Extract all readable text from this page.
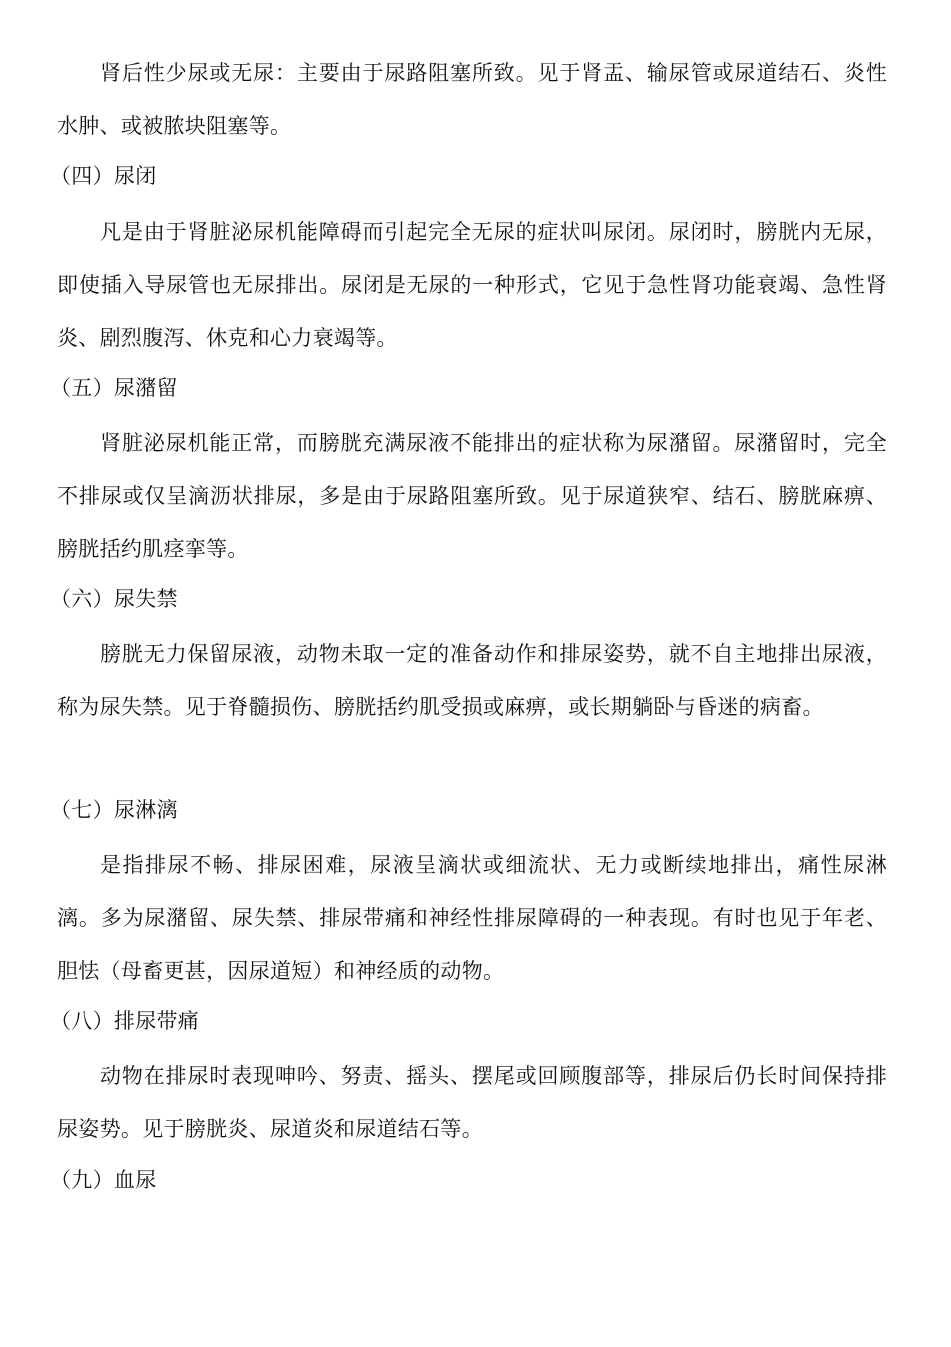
肾后性少尿或无尿：主要由于尿路阻塞所致。见于肾盂、输尿管或尿道结石、炎性水肿、或被脓块阻塞等。

（四）尿闭

凡是由于肾脏泌尿机能障碍而引起完全无尿的症状叫尿闭。尿闭时，膀胱内无尿，即使插入导尿管也无尿排出。尿闭是无尿的一种形式，它见于急性肾功能衰竭、急性肾炎、剧烈腹泻、休克和心力衰竭等。

（五）尿潴留

肾脏泌尿机能正常，而膀胱充满尿液不能排出的症状称为尿潴留。尿潴留时，完全不排尿或仅呈滴沥状排尿，多是由于尿路阻塞所致。见于尿道狭窄、结石、膀胱麻痹、膀胱括约肌痉挛等。

（六）尿失禁

膀胱无力保留尿液，动物未取一定的准备动作和排尿姿势，就不自主地排出尿液，称为尿失禁。见于脊髓损伤、膀胱括约肌受损或麻痹，或长期躺卧与昏迷的病畜。

（七）尿淋漓

是指排尿不畅、排尿困难，尿液呈滴状或细流状、无力或断续地排出，痛性尿淋漓。多为尿潴留、尿失禁、排尿带痛和神经性排尿障碍的一种表现。有时也见于年老、胆怯（母畜更甚，因尿道短）和神经质的动物。

（八）排尿带痛

动物在排尿时表现呻吟、努责、摇头、摆尾或回顾腹部等，排尿后仍长时间保持排尿姿势。见于膀胱炎、尿道炎和尿道结石等。

（九）血尿
